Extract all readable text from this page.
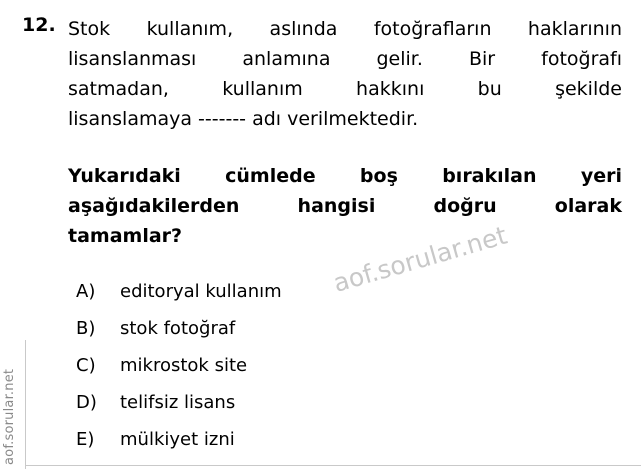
aof.sorular.net
aof.sorular.net
12. Stok kullanım, aslında fotoğrafların haklarının
lisanslanması anlamına gelir. Bir fotoğrafı
satmadan, kullanım hakkını bu şekilde
lisanslamaya ------- adı verilmektedir.
Yukarıdaki cümlede boş bırakılan yeri
aşağıdakilerden hangisi doğru olarak
tamamlar?
A)	editoryal kullanım
B)	stok fotoğraf
C)	mikrostok site
D)	telifsiz lisans
E)	mülkiyet izni
